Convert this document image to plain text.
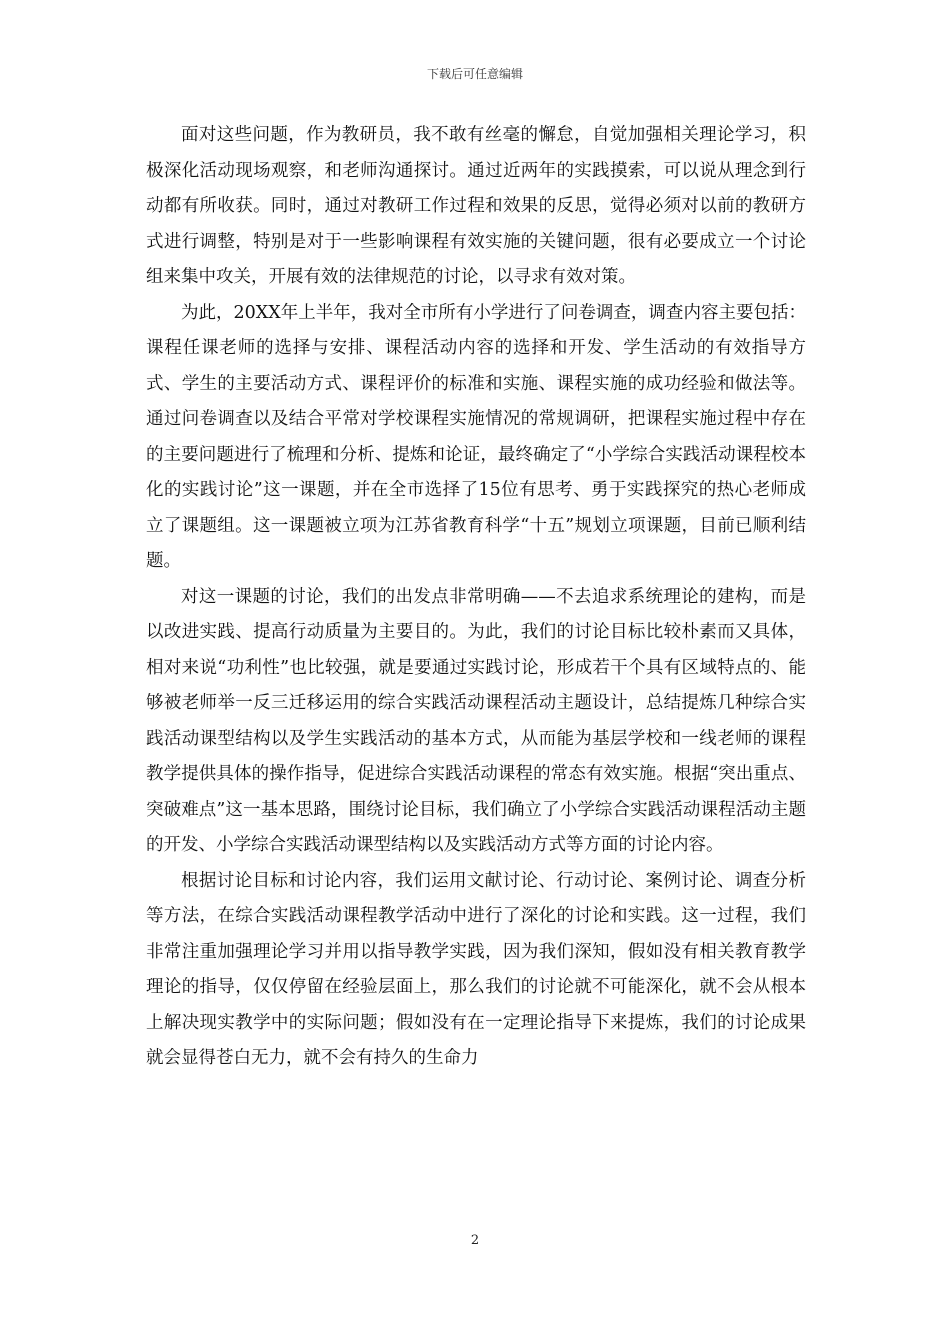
下载后可任意编辑

面对这些问题，作为教研员，我不敢有丝毫的懈怠，自觉加强相关理论学习，积极深化活动现场观察，和老师沟通探讨。通过近两年的实践摸索，可以说从理念到行动都有所收获。同时，通过对教研工作过程和效果的反思，觉得必须对以前的教研方式进行调整，特别是对于一些影响课程有效实施的关键问题，很有必要成立一个讨论组来集中攻关，开展有效的法律规范的讨论，以寻求有效对策。

为此，20XX年上半年，我对全市所有小学进行了问卷调查，调查内容主要包括：课程任课老师的选择与安排、课程活动内容的选择和开发、学生活动的有效指导方式、学生的主要活动方式、课程评价的标准和实施、课程实施的成功经验和做法等。通过问卷调查以及结合平常对学校课程实施情况的常规调研，把课程实施过程中存在的主要问题进行了梳理和分析、提炼和论证，最终确定了“小学综合实践活动课程校本化的实践讨论”这一课题，并在全市选择了15位有思考、勇于实践探究的热心老师成立了课题组。这一课题被立项为江苏省教育科学“十五”规划立项课题，目前已顺利结题。

对这一课题的讨论，我们的出发点非常明确——不去追求系统理论的建构，而是以改进实践、提高行动质量为主要目的。为此，我们的讨论目标比较朴素而又具体，相对来说“功利性”也比较强，就是要通过实践讨论，形成若干个具有区域特点的、能够被老师举一反三迁移运用的综合实践活动课程活动主题设计，总结提炼几种综合实践活动课型结构以及学生实践活动的基本方式，从而能为基层学校和一线老师的课程教学提供具体的操作指导，促进综合实践活动课程的常态有效实施。根据“突出重点、突破难点”这一基本思路，围绕讨论目标，我们确立了小学综合实践活动课程活动主题的开发、小学综合实践活动课型结构以及实践活动方式等方面的讨论内容。

根据讨论目标和讨论内容，我们运用文献讨论、行动讨论、案例讨论、调查分析等方法，在综合实践活动课程教学活动中进行了深化的讨论和实践。这一过程，我们非常注重加强理论学习并用以指导教学实践，因为我们深知，假如没有相关教育教学理论的指导，仅仅停留在经验层面上，那么我们的讨论就不可能深化，就不会从根本上解决现实教学中的实际问题；假如没有在一定理论指导下来提炼，我们的讨论成果就会显得苍白无力，就不会有持久的生命力

2
